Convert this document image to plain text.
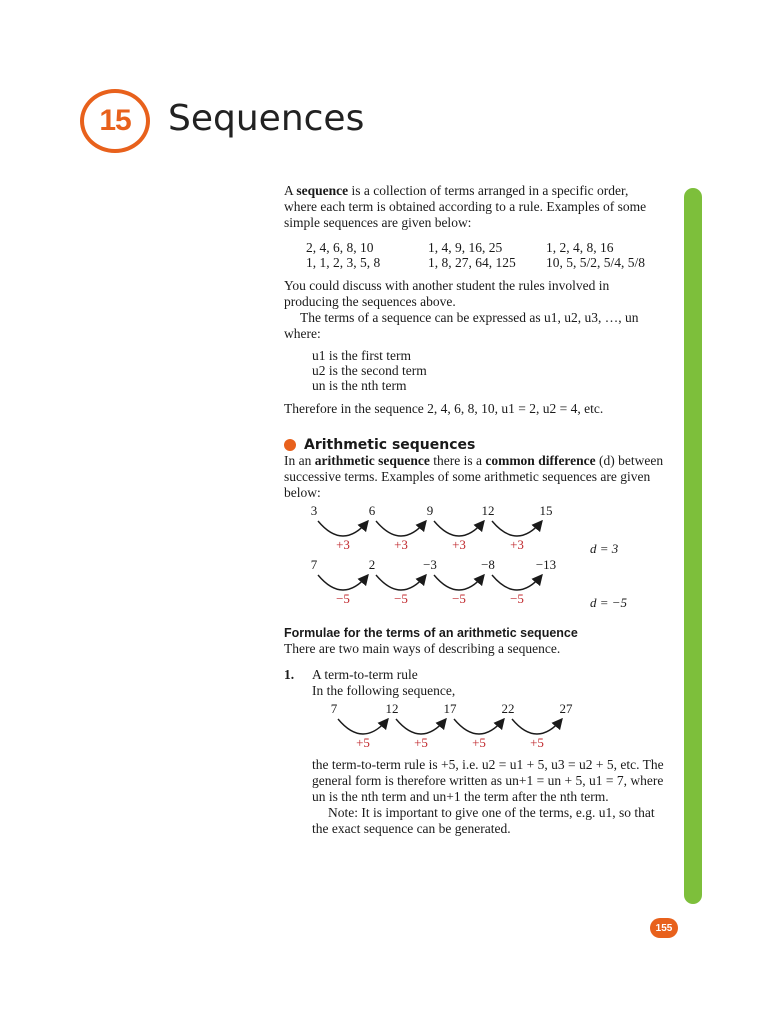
15 Sequences

A sequence is a collection of terms arranged in a specific order, where each term is obtained according to a rule. Examples of some simple sequences are given below:

2, 4, 6, 8, 10	1, 4, 9, 16, 25	1, 2, 4, 8, 16
1, 1, 2, 3, 5, 8	1, 8, 27, 64, 125	10, 5, 5/2, 5/4, 5/8

You could discuss with another student the rules involved in producing the sequences above.

The terms of a sequence can be expressed as u1, u2, u3, …, un where:

u1 is the first term
u2 is the second term
un is the nth term

Therefore in the sequence 2, 4, 6, 8, 10, u1 = 2, u2 = 4, etc.

Arithmetic sequences

In an arithmetic sequence there is a common difference (d) between successive terms. Examples of some arithmetic sequences are given below:

3
+3
6
+3
9
+3
12
+3
15
d = 3
7
−5
2
−5
−3
−5
−8
−5
−13
d = −5
Formulae for the terms of an arithmetic sequence

There are two main ways of describing a sequence.

1.	A term-to-term rule
In the following sequence,
7
+5
12
+5
17
+5
22
+5
27

the term-to-term rule is +5, i.e. u2 = u1 + 5, u3 = u2 + 5, etc. The general form is therefore written as un+1 = un + 5, u1 = 7, where un is the nth term and un+1 the term after the nth term.

Note: It is important to give one of the terms, e.g. u1, so that the exact sequence can be generated.

155
